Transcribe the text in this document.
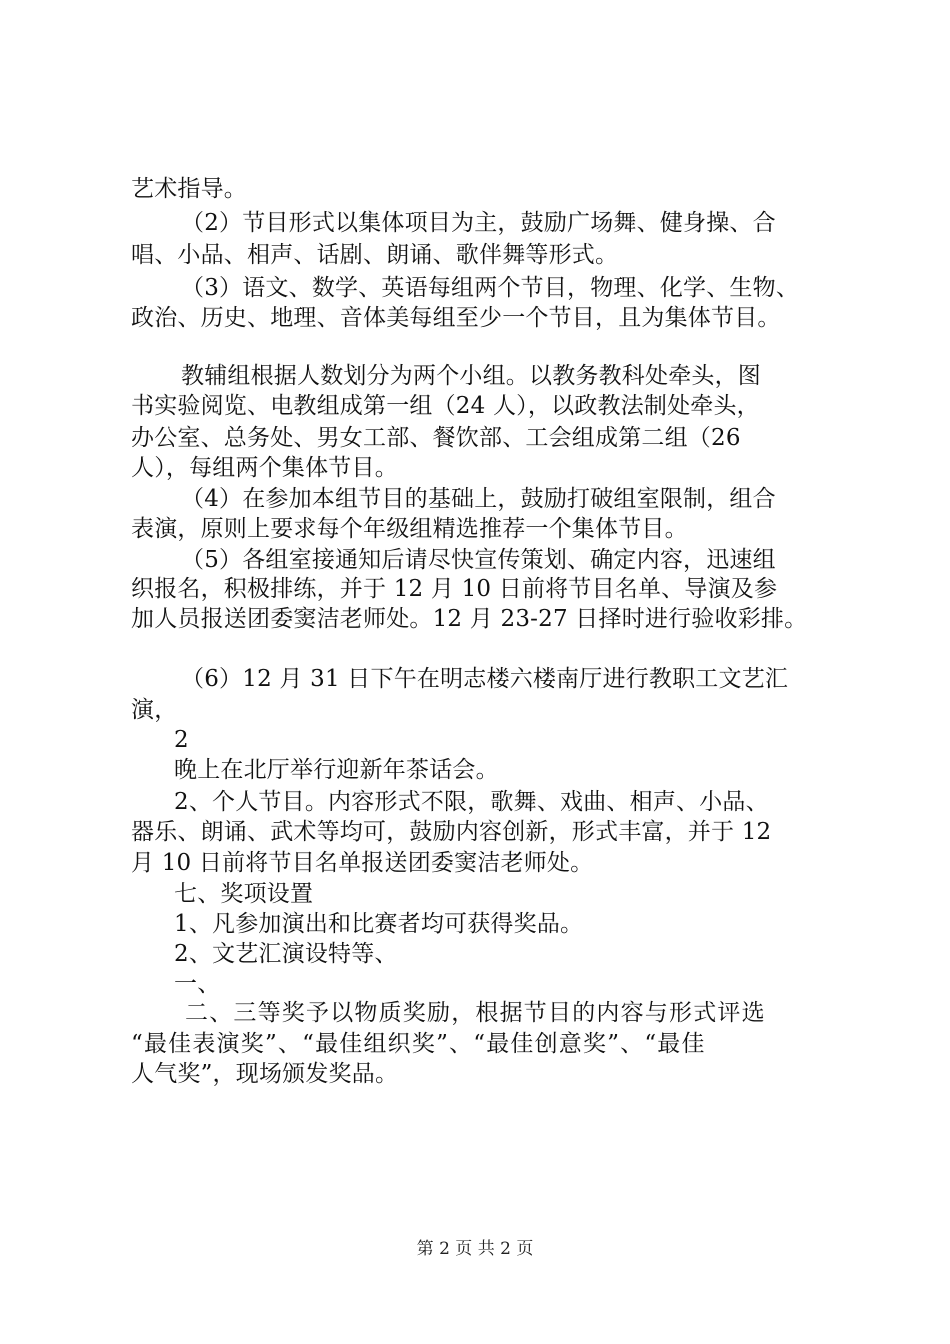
艺术指导。
（2）节目形式以集体项目为主，鼓励广场舞、健身操、合
唱、小品、相声、话剧、朗诵、歌伴舞等形式。
（3）语文、数学、英语每组两个节目，物理、化学、生物、
政治、历史、地理、音体美每组至少一个节目，且为集体节目。
教辅组根据人数划分为两个小组。以教务教科处牵头，图
书实验阅览、电教组成第一组（24 人），以政教法制处牵头，
办公室、总务处、男女工部、餐饮部、工会组成第二组（26
人），每组两个集体节目。
（4）在参加本组节目的基础上，鼓励打破组室限制，组合
表演，原则上要求每个年级组精选推荐一个集体节目。
（5）各组室接通知后请尽快宣传策划、确定内容，迅速组
织报名，积极排练，并于 12 月 10 日前将节目名单、导演及参
加人员报送团委窦洁老师处。12 月 23-27 日择时进行验收彩排。
（6）12 月 31 日下午在明志楼六楼南厅进行教职工文艺汇
演，
2
晚上在北厅举行迎新年茶话会。
2、个人节目。内容形式不限，歌舞、戏曲、相声、小品、
器乐、朗诵、武术等均可，鼓励内容创新，形式丰富，并于 12
月 10 日前将节目名单报送团委窦洁老师处。
七、奖项设置
1、凡参加演出和比赛者均可获得奖品。
2、文艺汇演设特等、
一、
二、三等奖予以物质奖励，根据节目的内容与形式评选
“最佳表演奖”、“最佳组织奖”、“最佳创意奖”、“最佳
人气奖”，现场颁发奖品。
第 2 页 共 2 页
